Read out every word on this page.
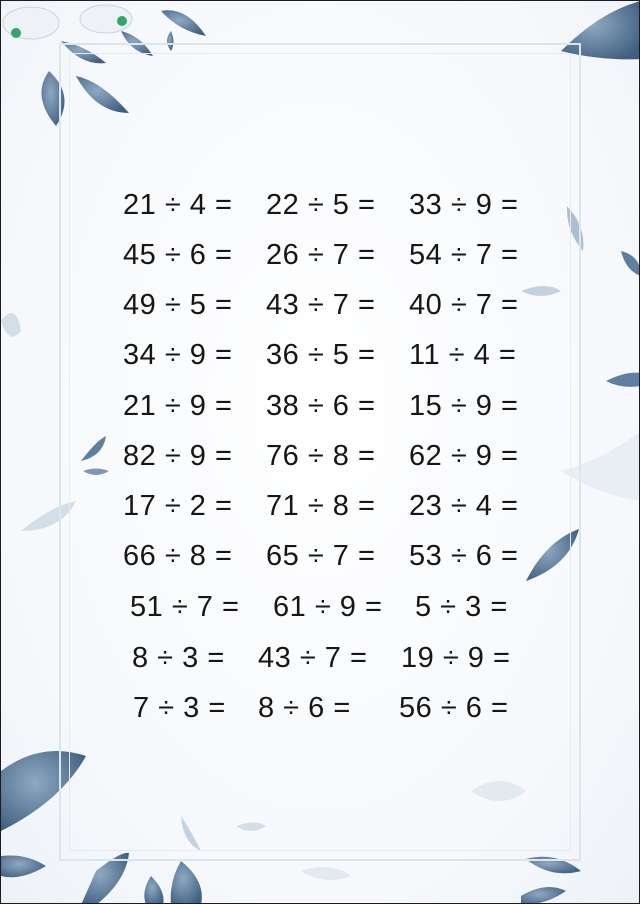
21 ÷ 4 = 22 ÷ 5 = 33 ÷ 9 =
45 ÷ 6 = 26 ÷ 7 = 54 ÷ 7 =
49 ÷ 5 = 43 ÷ 7 = 40 ÷ 7 =
34 ÷ 9 = 36 ÷ 5 = 11 ÷ 4 =
21 ÷ 9 = 38 ÷ 6 = 15 ÷ 9 =
82 ÷ 9 = 76 ÷ 8 = 62 ÷ 9 =
17 ÷ 2 = 71 ÷ 8 = 23 ÷ 4 =
66 ÷ 8 = 65 ÷ 7 = 53 ÷ 6 =
51 ÷ 7 = 61 ÷ 9 = 5 ÷ 3 =
8 ÷ 3 = 43 ÷ 7 = 19 ÷ 9 =
7 ÷ 3 = 8 ÷ 6 = 56 ÷ 6 =
